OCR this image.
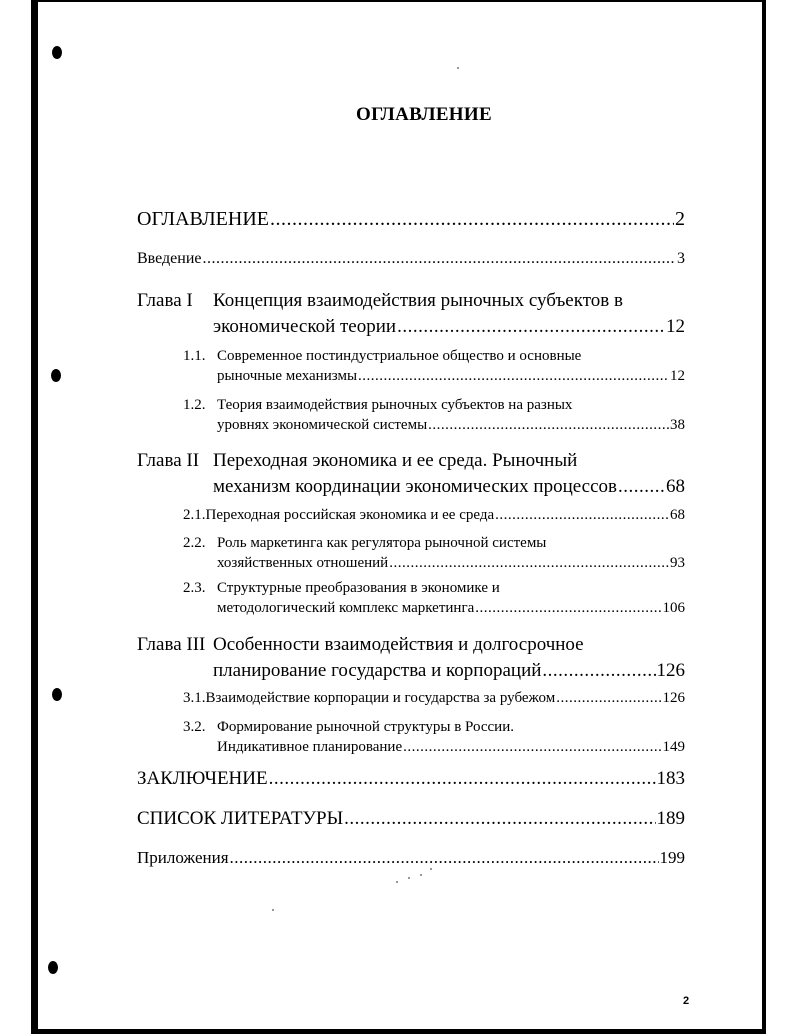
ОГЛАВЛЕНИЕ
ОГЛАВЛЕНИЕ .....	2
Введение .....	3
Глава I Концепция взаимодействия рыночных субъектов в
экономической теории .....	12
1.1. Современное постиндустриальное общество и основные
рыночные механизмы .....	12
1.2. Теория взаимодействия рыночных субъектов на разных
уровнях экономической системы .....	38
Глава II Переходная экономика и ее среда. Рыночный
механизм координации экономических процессов .....	68
2.1. Переходная российская экономика и ее среда .....	68
2.2. Роль маркетинга как регулятора рыночной системы
хозяйственных отношений .....	93
2.3. Структурные преобразования в экономике и
методологический комплекс маркетинга .....	106
Глава III Особенности взаимодействия и долгосрочное
планирование государства и корпораций .....	126
3.1. Взаимодействие корпорации и государства за рубежом .....	126
3.2. Формирование рыночной структуры в России.
Индикативное планирование .....	149
ЗАКЛЮЧЕНИЕ .....	183
СПИСОК ЛИТЕРАТУРЫ .....	189
Приложения .....	199
2
